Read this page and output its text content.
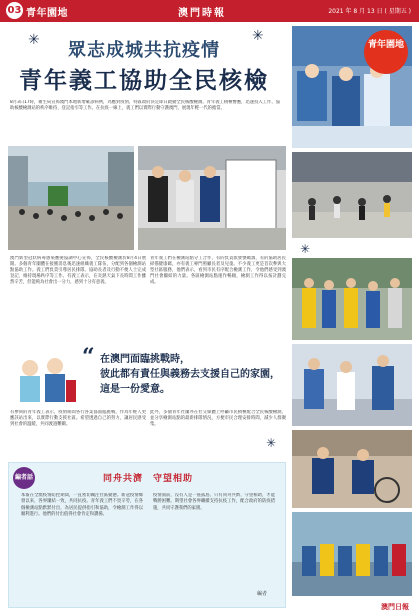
03 青年園地	澳門時報	2021 年 8 月 13 日 ( 星期五 )
✳	✳
眾志成城共抗疫情
青年義工協助全民核檢
8月3日17時，衛生局宣佈澳門本地新增確診病例，為應對疫情，特區政府決定即日啟動全民核酸檢測。青年義工積極響應，迅速投入工作，協助核酸檢測站的秩序維持、登記指引等工作。在抗疫一線上，義工們以實際行動守護澳門，展現年輕一代的擔當。
青年園地
✳
澳門新型冠狀病毒感染應變協調中心宣佈，全民核酸檢測於8月4日展開。多個青年團體在接獲消息後迅速組織義工隊伍，分配到各個檢測站點協助工作。義工們負責引導居民排隊、協助長者及行動不便人士完成登記、維持現場秩序等工作。有義工表示，在炎熱天氣下長時間工作雖然辛苦，但能夠為社會出一分力，感到十分有意義。
青年義工們在檢測站點分工合作，有的負責派發號碼籌，有的協助居民掃描健康碼，亦有義工專門照顧長者及兒童。不少義工更是首次參與大型社區服務，他們表示，看到市民有序配合檢測工作，令他們感受到澳門社會團結的力量。各區檢測站點運作暢順，檢測工作得以按計劃完成。
“ 在澳門面臨挑戰時，
彼此都有責任與義務去支援自己的家園，
這是一份愛意。
有參與的青年義工表示，疫情期間各行各業都面臨挑戰，作為年輕人更應該站出來，以實際行動支援社區。希望透過自己的努力，讓居民感受到社會的溫暖，共同渡過難關。
此外，多個青年社團亦在社交媒體上呼籲市民積極配合全民核酸檢測，並分享檢測站點的最新排隊情況，方便市民合理安排時間，減少人群聚集。
編者話	同舟共濟　守望相助
本報在全澳疫情防控期間，一直密切關注社區動態。新冠疫情爆發以來，各界團結一致，共同抗疫。青年義工們不畏辛勞，在各個檢測站點默默付出，為居民提供指引和協助，令檢測工作得以順利進行。他們的付出值得社會肯定和讚揚。
疫情面前，沒有人是一座孤島。只有同舟共濟、守望相助，才能戰勝困難。期望社會各界繼續支持抗疫工作，配合政府的防疫措施，共同守護我們的家園。
編者
✳
澳門日報
